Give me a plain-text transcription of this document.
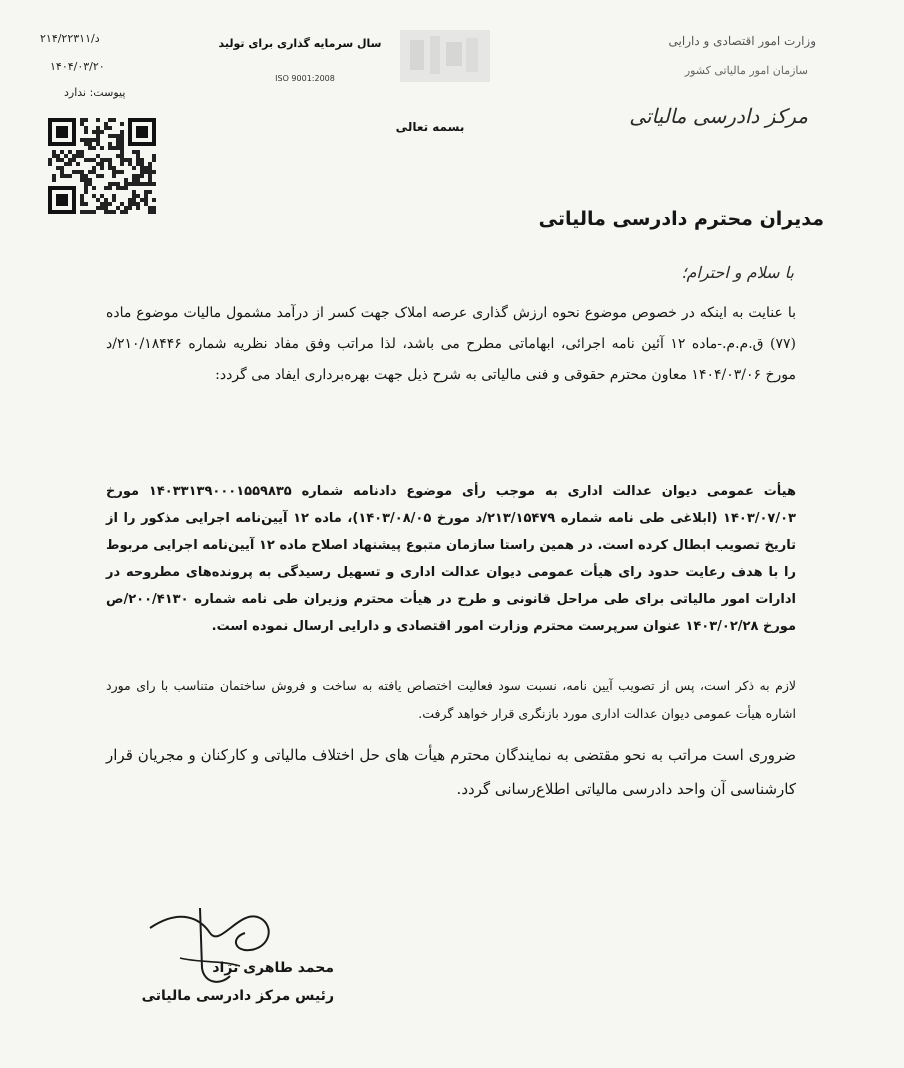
د/۲۱۴/۲۲۳۱۱
۱۴۰۴/۰۳/۲۰
پیوست: ندارد
سال سرمایه گذاری برای تولید
ISO 9001:2008
بسمه تعالی
وزارت امور اقتصادی و دارایی
سازمان امور مالیاتی کشور
مرکز دادرسی مالیاتی
مدیران محترم دادرسی مالیاتی
با سلام و احترام؛
با عنایت به اینکه در خصوص موضوع نحوه ارزش گذاری عرصه املاک جهت کسر از درآمد مشمول مالیات موضوع ماده (۷۷) ق.م.م.-ماده ۱۲ آئین نامه اجرائی، ابهاماتی مطرح می باشد، لذا مراتب وفق مفاد نظریه شماره ۲۱۰/۱۸۴۴۶/د مورخ ۱۴۰۴/۰۳/۰۶ معاون محترم حقوقی و فنی مالیاتی به شرح ذیل جهت بهره‌برداری ایفاد می گردد:
هیأت عمومی دیوان عدالت اداری به موجب رأی موضوع دادنامه شماره ۱۴۰۳۳۱۳۹۰۰۰۱۵۵۹۸۳۵ مورخ ۱۴۰۳/۰۷/۰۳ (ابلاغی طی نامه شماره ۲۱۳/۱۵۴۷۹/د مورخ ۱۴۰۳/۰۸/۰۵)، ماده ۱۲ آیین‌نامه اجرایی مذکور را از تاریخ تصویب ابطال کرده است. در همین راستا سازمان متبوع پیشنهاد اصلاح ماده ۱۲ آیین‌نامه اجرایی مربوط را با هدف رعایت حدود رای هیأت عمومی دیوان عدالت اداری و تسهیل رسیدگی به پرونده‌های مطروحه در ادارات امور مالیاتی برای طی مراحل قانونی و طرح در هیأت محترم وزیران طی نامه شماره ۲۰۰/۴۱۳۰/ص مورخ ۱۴۰۳/۰۲/۲۸ عنوان سرپرست محترم وزارت امور اقتصادی و دارایی ارسال نموده است.
لازم به ذکر است، پس از تصویب آیین نامه، نسبت سود فعالیت اختصاص یافته به ساخت و فروش ساختمان متناسب با رای مورد اشاره هیأت عمومی دیوان عدالت اداری مورد بازنگری قرار خواهد گرفت.
ضروری است مراتب به نحو مقتضی به نمایندگان محترم هیأت های حل اختلاف مالیاتی و کارکنان و مجریان قرار کارشناسی آن واحد دادرسی مالیاتی اطلاع‌رسانی گردد.
محمد طاهری نژاد
رئیس مرکز دادرسی مالیاتی
